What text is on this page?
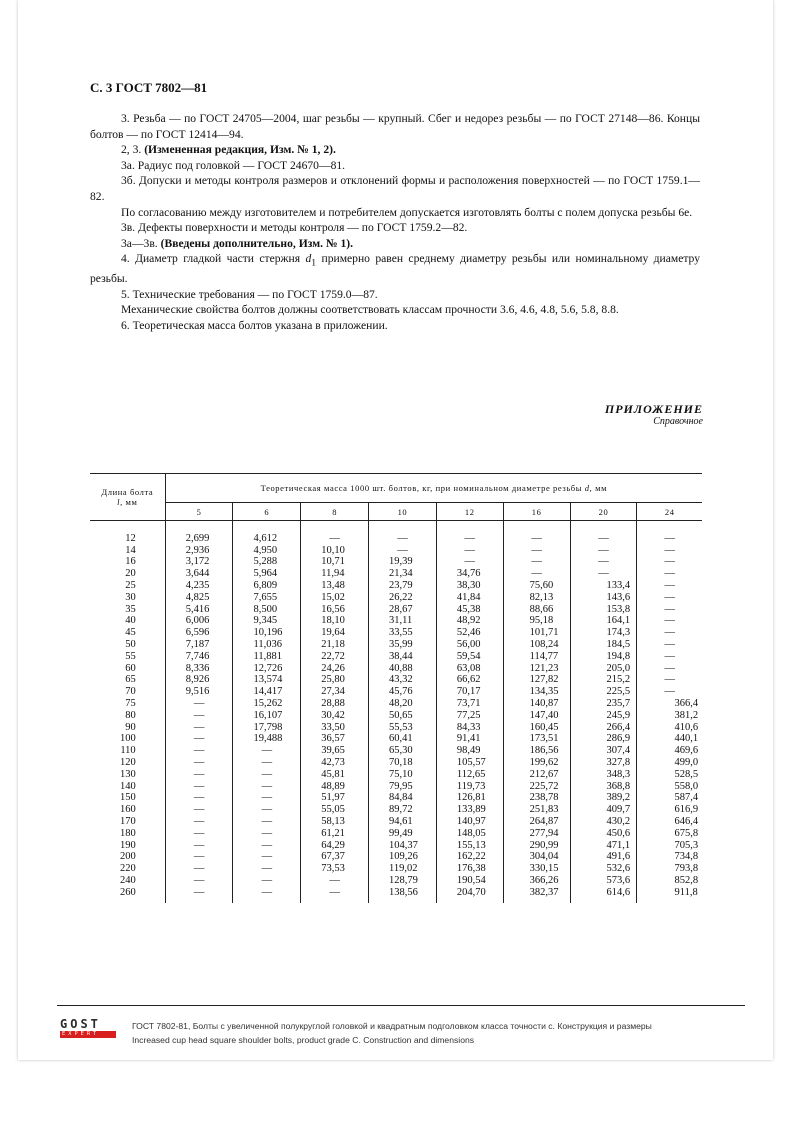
С. 3 ГОСТ 7802—81

3. Резьба — по ГОСТ 24705—2004, шаг резьбы — крупный. Сбег и недорез резьбы — по ГОСТ 27148—86. Концы болтов — по ГОСТ 12414—94.

2, 3. (Измененная редакция, Изм. № 1, 2).

3а. Радиус под головкой — ГОСТ 24670—81.

3б. Допуски и методы контроля размеров и отклонений формы и расположения поверхностей — по ГОСТ 1759.1—82.

По согласованию между изготовителем и потребителем допускается изготовлять болты с полем допуска резьбы 6е.

3в. Дефекты поверхности и методы контроля — по ГОСТ 1759.2—82.

3а—3в. (Введены дополнительно, Изм. № 1).

4. Диаметр гладкой части стержня $d_1$ примерно равен среднему диаметру резьбы или номинальному диаметру резьбы.

5. Технические требования — по ГОСТ 1759.0—87.

Механические свойства болтов должны соответствовать классам прочности 3.6, 4.6, 4.8, 5.6, 5.8, 8.8.

6. Теоретическая масса болтов указана в приложении.

ПРИЛОЖЕНИЕ
Справочное
Длина болта
l, мм	Теоретическая масса 1000 шт. болтов, кг, при номинальном диаметре резьбы d, мм							
	5	6	8	10	12	16	20	24

12	2,699	4,612	—	—	—	—	—	—
14	2,936	4,950	10,10	—	—	—	—	—
16	3,172	5,288	10,71	19,39	—	—	—	—
20	3,644	5,964	11,94	21,34	34,76	—	—	—
25	4,235	6,809	13,48	23,79	38,30	75,60	133,4	—
30	4,825	7,655	15,02	26,22	41,84	82,13	143,6	—
35	5,416	8,500	16,56	28,67	45,38	88,66	153,8	—
40	6,006	9,345	18,10	31,11	48,92	95,18	164,1	—
45	6,596	10,196	19,64	33,55	52,46	101,71	174,3	—
50	7,187	11,036	21,18	35,99	56,00	108,24	184,5	—
55	7,746	11,881	22,72	38,44	59,54	114,77	194,8	—
60	8,336	12,726	24,26	40,88	63,08	121,23	205,0	—
65	8,926	13,574	25,80	43,32	66,62	127,82	215,2	—
70	9,516	14,417	27,34	45,76	70,17	134,35	225,5	—
75	—	15,262	28,88	48,20	73,71	140,87	235,7	366,4
80	—	16,107	30,42	50,65	77,25	147,40	245,9	381,2
90	—	17,798	33,50	55,53	84,33	160,45	266,4	410,6
100	—	19,488	36,57	60,41	91,41	173,51	286,9	440,1
110	—	—	39,65	65,30	98,49	186,56	307,4	469,6
120	—	—	42,73	70,18	105,57	199,62	327,8	499,0
130	—	—	45,81	75,10	112,65	212,67	348,3	528,5
140	—	—	48,89	79,95	119,73	225,72	368,8	558,0
150	—	—	51,97	84,84	126,81	238,78	389,2	587,4
160	—	—	55,05	89,72	133,89	251,83	409,7	616,9
170	—	—	58,13	94,61	140,97	264,87	430,2	646,4
180	—	—	61,21	99,49	148,05	277,94	450,6	675,8
190	—	—	64,29	104,37	155,13	290,99	471,1	705,3
200	—	—	67,37	109,26	162,22	304,04	491,6	734,8
220	—	—	73,53	119,02	176,38	330,15	532,6	793,8
240	—	—	—	128,79	190,54	366,26	573,6	852,8
260	—	—	—	138,56	204,70	382,37	614,6	911,8

GOST
EXPERT
ГОСТ 7802-81, Болты с увеличенной полукруглой головкой и квадратным подголовком класса точности с. Конструкция и размеры
Increased cup head square shoulder bolts, product grade C. Construction and dimensions
